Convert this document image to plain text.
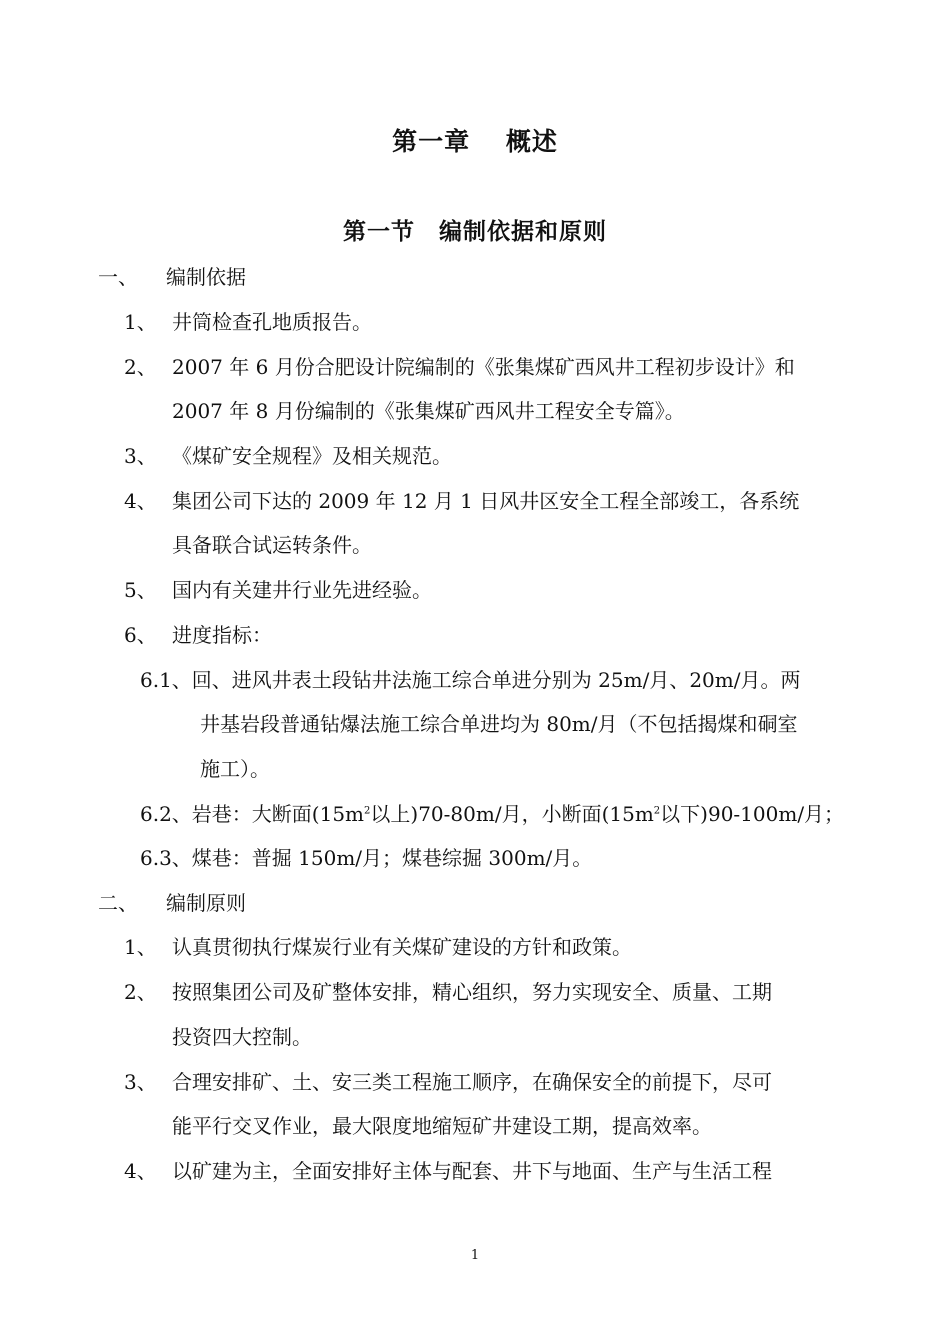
第一章　 概述
第一节　编制依据和原则
一、 编制依据
1、 井筒检查孔地质报告。
2、 2007 年 6 月份合肥设计院编制的《张集煤矿西风井工程初步设计》和
2007 年 8 月份编制的《张集煤矿西风井工程安全专篇》。
3、 《煤矿安全规程》及相关规范。
4、 集团公司下达的 2009 年 12 月 1 日风井区安全工程全部竣工，各系统
具备联合试运转条件。
5、 国内有关建井行业先进经验。
6、 进度指标：
6.1、回、进风井表土段钻井法施工综合单进分别为 25m/月、20m/月。两
井基岩段普通钻爆法施工综合单进均为 80m/月（不包括揭煤和硐室
施工）。
6.2、岩巷：大断面($15m^2$以上)70-80m/月，小断面($15m^2$以下)90-100m/月；
6.3、煤巷：普掘 150m/月；煤巷综掘 300m/月。
二、 编制原则
1、 认真贯彻执行煤炭行业有关煤矿建设的方针和政策。
2、 按照集团公司及矿整体安排，精心组织，努力实现安全、质量、工期
投资四大控制。
3、 合理安排矿、土、安三类工程施工顺序，在确保安全的前提下，尽可
能平行交叉作业，最大限度地缩短矿井建设工期，提高效率。
4、 以矿建为主，全面安排好主体与配套、井下与地面、生产与生活工程
1
